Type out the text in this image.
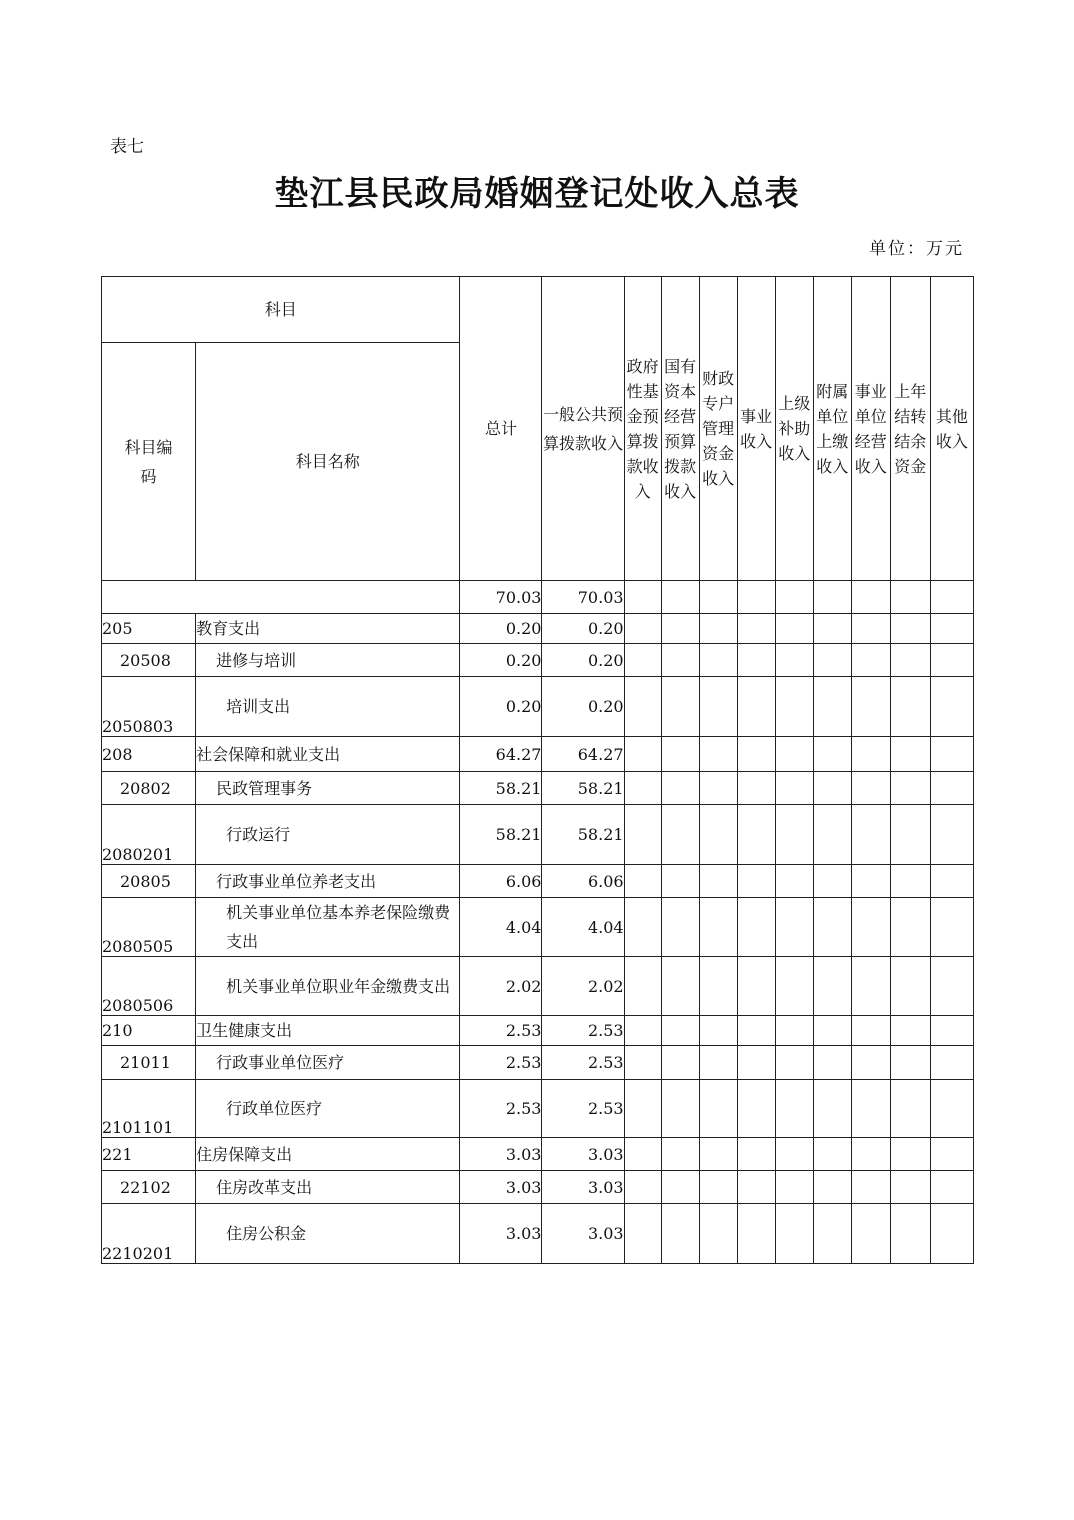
表七
垫江县民政局婚姻登记处收入总表
单位：万元
科目		总计	一般公共预算拨款收入	政府性基金预算拨款收入	国有资本经营预算拨款收入	财政专户管理资金收入	事业收入	上级补助收入	附属单位上缴收入	事业单位经营收入	上年结转结余资金	其他收入
科目编码	科目名称											
		70.03	70.03									
205	教育支出	0.20	0.20									
20508	进修与培训	0.20	0.20									
2050803	培训支出	0.20	0.20									
208	社会保障和就业支出	64.27	64.27									
20802	民政管理事务	58.21	58.21									
2080201	行政运行	58.21	58.21									
20805	行政事业单位养老支出	6.06	6.06									
2080505	机关事业单位基本养老保险缴费支出	4.04	4.04									
2080506	机关事业单位职业年金缴费支出	2.02	2.02									
210	卫生健康支出	2.53	2.53									
21011	行政事业单位医疗	2.53	2.53									
2101101	行政单位医疗	2.53	2.53									
221	住房保障支出	3.03	3.03									
22102	住房改革支出	3.03	3.03									
2210201	住房公积金	3.03	3.03									
